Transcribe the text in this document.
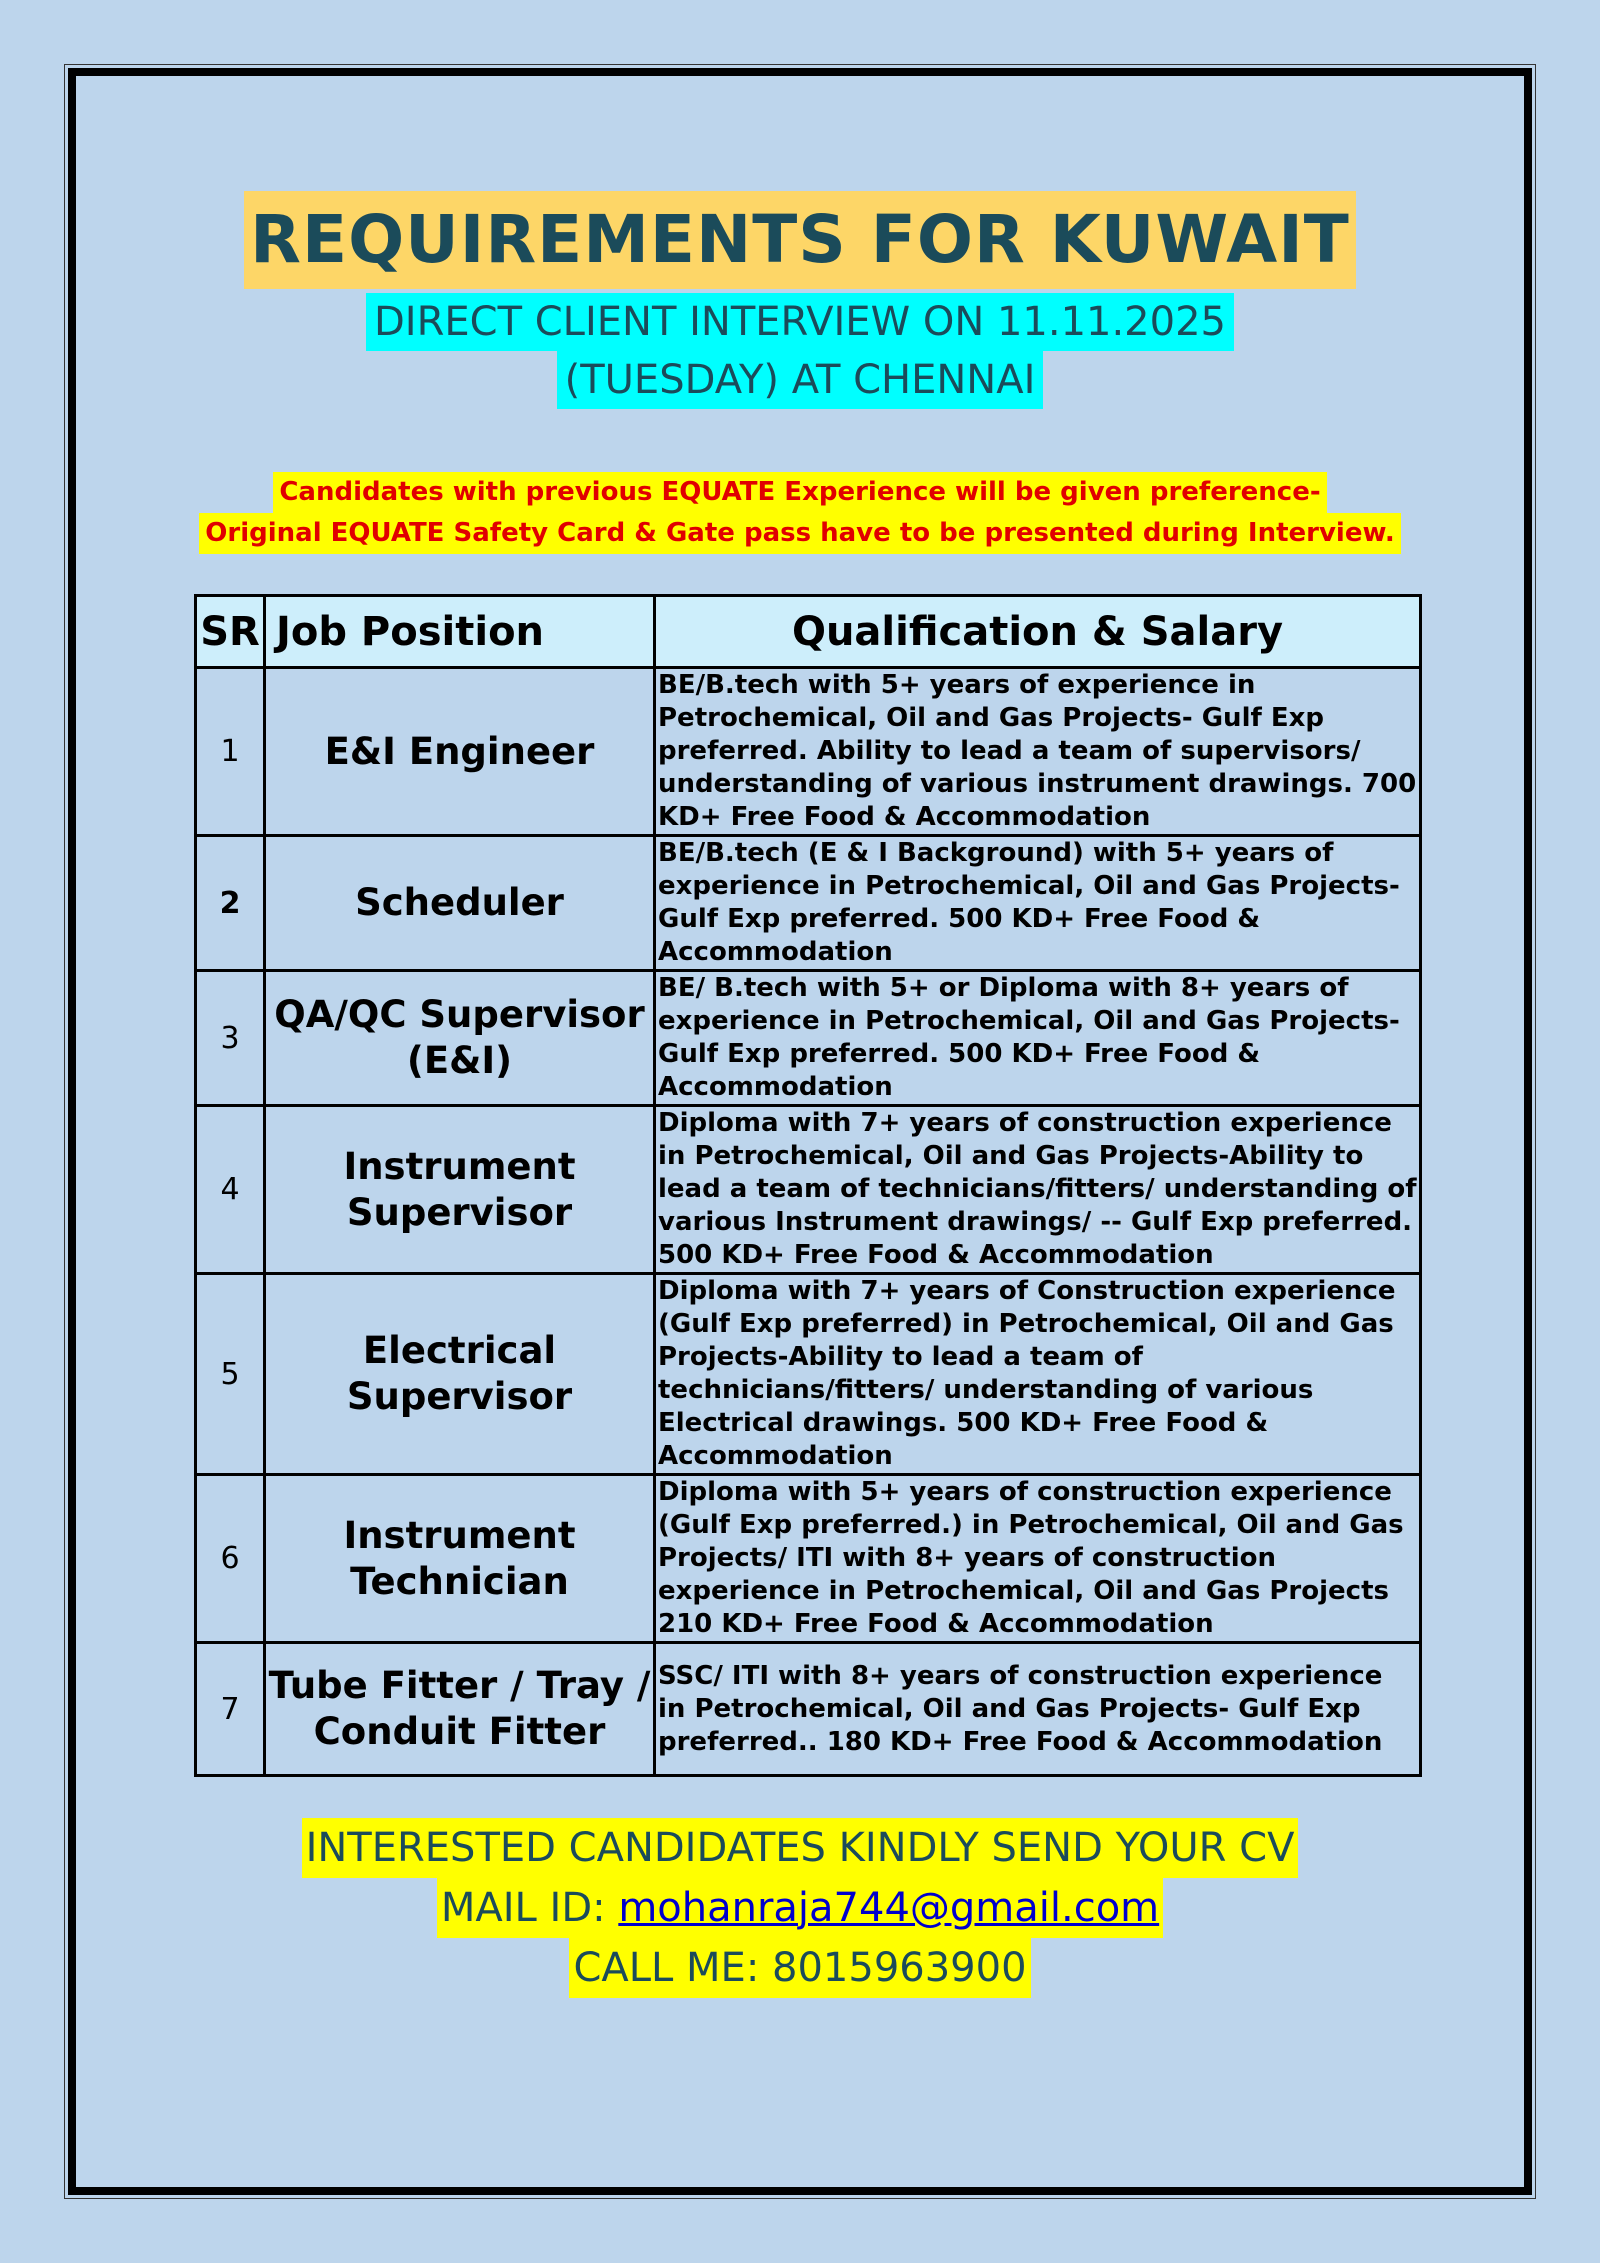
REQUIREMENTS FOR KUWAIT
DIRECT CLIENT INTERVIEW ON 11.11.2025
(TUESDAY) AT CHENNAI
Candidates with previous EQUATE Experience will be given preference-
Original EQUATE Safety Card & Gate pass have to be presented during Interview.
SR	Job Position	Qualification & Salary
1	E&I Engineer	BE/B.tech with 5+ years of experience in Petrochemical, Oil and Gas Projects- Gulf Exp preferred. Ability to lead a team of supervisors/ understanding of various instrument drawings. 700 KD+ Free Food & Accommodation
2	Scheduler	BE/B.tech (E & I Background) with 5+ years of experience in Petrochemical, Oil and Gas Projects- Gulf Exp preferred. 500 KD+ Free Food & Accommodation
3	QA/QC Supervisor (E&I)	BE/ B.tech with 5+ or Diploma with 8+ years of experience in Petrochemical, Oil and Gas Projects- Gulf Exp preferred. 500 KD+ Free Food & Accommodation
4	Instrument Supervisor	Diploma with 7+ years of construction experience in Petrochemical, Oil and Gas Projects-Ability to lead a team of technicians/fitters/ understanding of various Instrument drawings/ -- Gulf Exp preferred. 500 KD+ Free Food & Accommodation
5	Electrical Supervisor	Diploma with 7+ years of Construction experience (Gulf Exp preferred) in Petrochemical, Oil and Gas Projects-Ability to lead a team of technicians/fitters/ understanding of various Electrical drawings. 500 KD+ Free Food & Accommodation
6	Instrument Technician	Diploma with 5+ years of construction experience (Gulf Exp preferred.) in Petrochemical, Oil and Gas Projects/ ITI with 8+ years of construction experience in Petrochemical, Oil and Gas Projects 210 KD+ Free Food & Accommodation
7	Tube Fitter / Tray / Conduit Fitter	SSC/ ITI with 8+ years of construction experience in Petrochemical, Oil and Gas Projects- Gulf Exp preferred.. 180 KD+ Free Food & Accommodation
INTERESTED CANDIDATES KINDLY SEND YOUR CV
MAIL ID: mohanraja744@gmail.com
CALL ME: 8015963900
